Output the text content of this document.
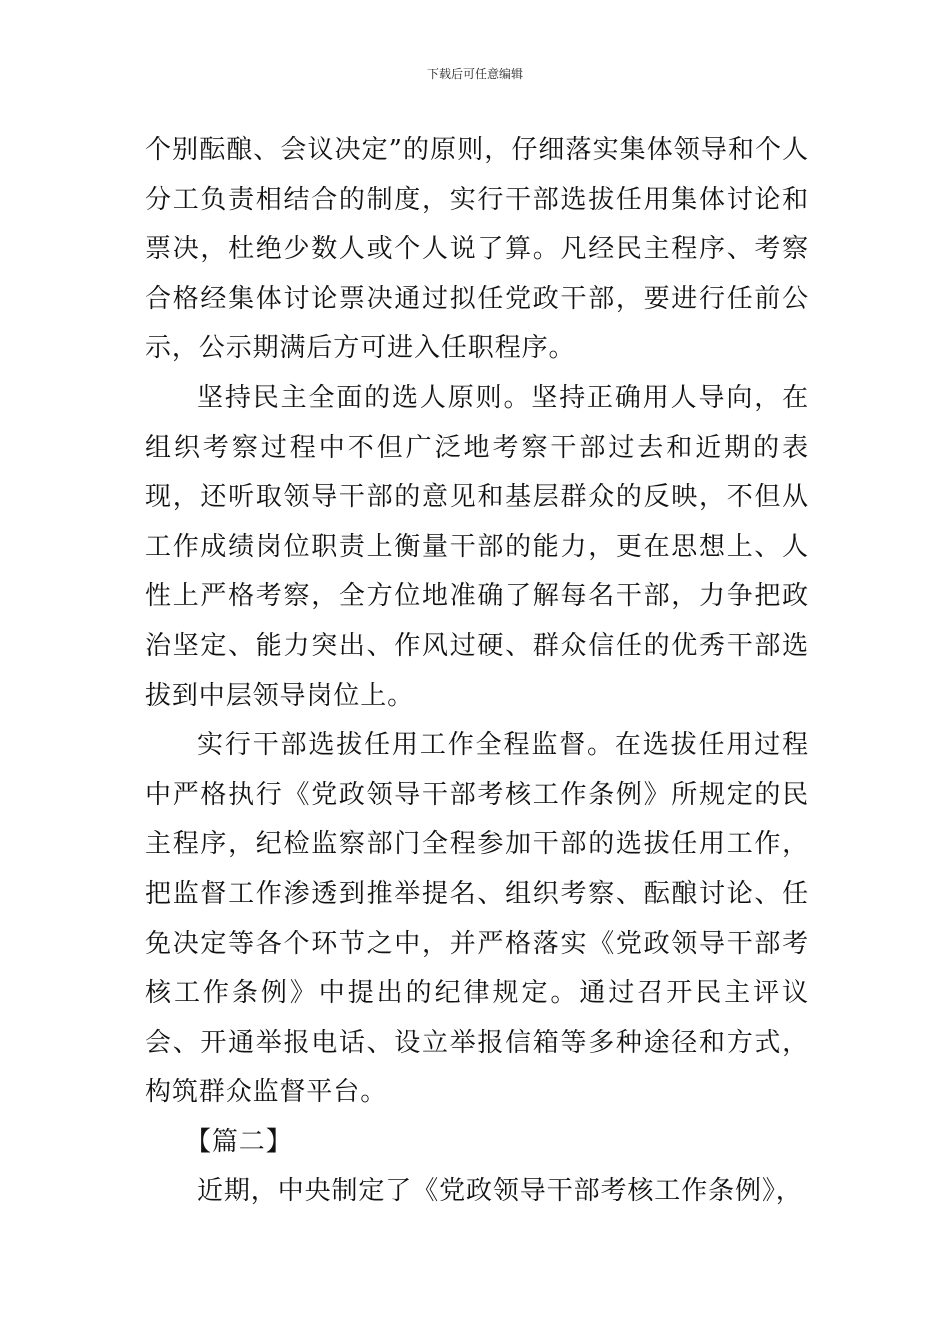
下载后可任意编辑

个别酝酿、会议决定”的原则，仔细落实集体领导和个人分工负责相结合的制度，实行干部选拔任用集体讨论和票决，杜绝少数人或个人说了算。凡经民主程序、考察合格经集体讨论票决通过拟任党政干部，要进行任前公示，公示期满后方可进入任职程序。

坚持民主全面的选人原则。坚持正确用人导向，在组织考察过程中不但广泛地考察干部过去和近期的表现，还听取领导干部的意见和基层群众的反映，不但从工作成绩岗位职责上衡量干部的能力，更在思想上、人性上严格考察，全方位地准确了解每名干部，力争把政治坚定、能力突出、作风过硬、群众信任的优秀干部选拔到中层领导岗位上。

实行干部选拔任用工作全程监督。在选拔任用过程中严格执行《党政领导干部考核工作条例》所规定的民主程序，纪检监察部门全程参加干部的选拔任用工作，把监督工作渗透到推举提名、组织考察、酝酿讨论、任免决定等各个环节之中，并严格落实《党政领导干部考核工作条例》中提出的纪律规定。通过召开民主评议会、开通举报电话、设立举报信箱等多种途径和方式，构筑群众监督平台。

【篇二】

近期，中央制定了《党政领导干部考核工作条例》，
